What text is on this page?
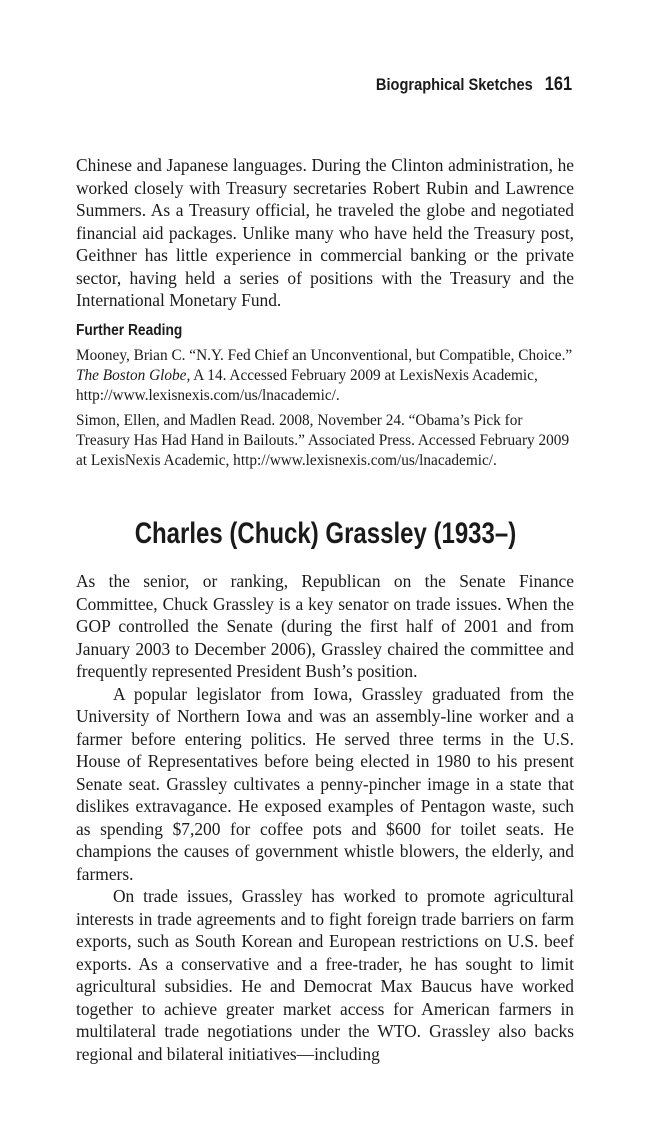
Biographical Sketches 161

Chinese and Japanese languages. During the Clinton administration, he worked closely with Treasury secretaries Robert Rubin and Lawrence Summers. As a Treasury official, he traveled the globe and negotiated financial aid packages. Unlike many who have held the Treasury post, Geithner has little experience in commercial banking or the private sector, having held a series of positions with the Treasury and the International Monetary Fund.

Further Reading

Mooney, Brian C. “N.Y. Fed Chief an Unconventional, but Compatible, Choice.” The Boston Globe, A 14. Accessed February 2009 at LexisNexis Academic, http://www.lexisnexis.com/us/lnacademic/.

Simon, Ellen, and Madlen Read. 2008, November 24. “Obama’s Pick for Treasury Has Had Hand in Bailouts.” Associated Press. Accessed February 2009 at LexisNexis Academic, http://www.lexisnexis.com/us/lnacademic/.

Charles (Chuck) Grassley (1933–)

As the senior, or ranking, Republican on the Senate Finance Committee, Chuck Grassley is a key senator on trade issues. When the GOP controlled the Senate (during the first half of 2001 and from January 2003 to December 2006), Grassley chaired the committee and frequently represented President Bush’s position.

A popular legislator from Iowa, Grassley graduated from the University of Northern Iowa and was an assembly-line worker and a farmer before entering politics. He served three terms in the U.S. House of Representatives before being elected in 1980 to his present Senate seat. Grassley cultivates a penny-pincher image in a state that dislikes extravagance. He exposed examples of Pentagon waste, such as spending $7,200 for coffee pots and $600 for toilet seats. He champions the causes of government whistle blowers, the elderly, and farmers.

On trade issues, Grassley has worked to promote agricultural interests in trade agreements and to fight foreign trade barriers on farm exports, such as South Korean and European restrictions on U.S. beef exports. As a conservative and a free-trader, he has sought to limit agricultural subsidies. He and Democrat Max Baucus have worked together to achieve greater market access for American farmers in multilateral trade negotiations under the WTO. Grassley also backs regional and bilateral initiatives—including
